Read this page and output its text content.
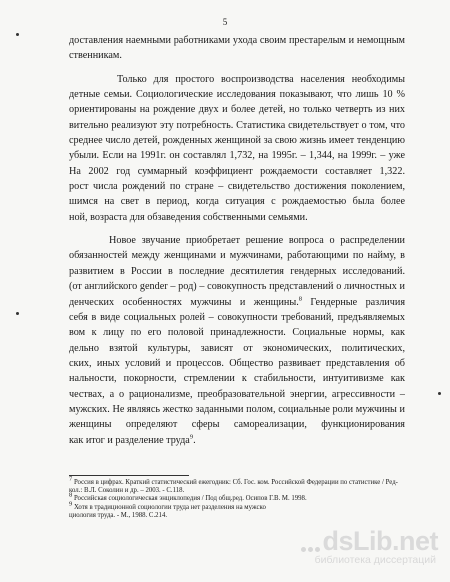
5
доставления наемными работниками ухода своим престарелым и немощным
ственникам.
Только для простого воспроизводства населения необходимы
детные семьи. Социологические исследования показывают, что лишь 10 %
ориентированы на рождение двух и более детей, но только четверть из них
вительно реализуют эту потребность. Статистика свидетельствует о том, что
среднее число детей, рожденных женщиной за свою жизнь имеет тенденцию
убыли. Если на 1991г. он составлял 1,732, на 1995г. – 1,344, на 1999г. – уже
На 2002 год суммарный коэффициент рождаемости составляет 1,322.
рост числа рождений по стране – свидетельство достижения поколением,
шимся на свет в период, когда ситуация с рождаемостью была более
ной, возраста для обзаведения собственными семьями.
Новое звучание приобретает решение вопроса о распределении
обязанностей между женщинами и мужчинами, работающими по найму, в
развитием в России в последние десятилетия гендерных исследований.
(от английского gender – род) – совокупность представлений о личностных и
денческих особенностях мужчины и женщины.$^8$ Гендерные различия
себя в виде социальных ролей – совокупности требований, предъявляемых
вом к лицу по его половой принадлежности. Социальные нормы, как
дельно взятой культуры, зависят от экономических, политических,
ских, иных условий и процессов. Общество развивает представления об
нальности, покорности, стремлении к стабильности, интуитивизме как
чествах, а о рационализме, преобразовательной энергии, агрессивности –
мужских. Не являясь жестко заданными полом, социальные роли мужчины и
женщины определяют сферы самореализации, функционирования
как итог и разделение труда$^9$.
$^7$ Россия в цифрах. Краткий статистический ежегодник: Сб. Гос. ком. Российской Федерации по статистике / Ред-
кол.: В.Л. Соколин и др. – 2003. - С.118.
$^8$ Российская социологическая энциклопедия / Под общ.ред. Осипов Г.В. М. 1998.
$^9$ Хотя в традиционной социологии труда нет разделения на мужско
циология труда. - М., 1988. С.214.
dsLib.net
библиотека диссертаций
